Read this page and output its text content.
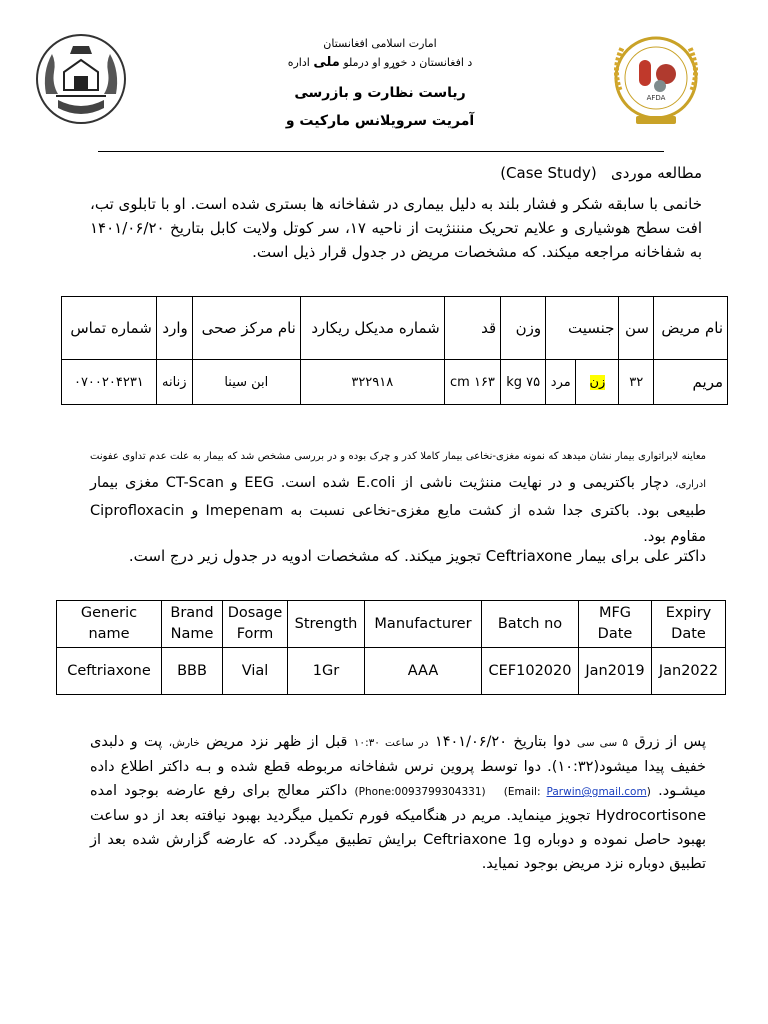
AFDA
امارت اسلامی افغانستان
د افغانستان د خوړو او درملو ملی اداره
ریاست نظارت و بازرسی
آمریت سرویلانس مارکیت و
مطالعه موردی   (Case Study)
خانمی با سابقه شکر و فشار بلند به دلیل بیماری در شفاخانه ها بستری شده است. او با تابلوی تب، افت سطح هوشیاری و علایم تحریک منننژیت از ناحیه ۱۷، سر کوتل ولایت کابل بتاریخ ۱۴۰۱/۰۶/۲۰ به شفاخانه مراجعه میکند. که مشخصات مریض در جدول قرار ذیل است.
نام مریض	سن	جنسیت		وزن	قد	شماره مدیکل ریکارد	نام مرکز صحی	وارد	شماره تماس
مریم	۳۲	زن	مرد	۷۵ kg	۱۶۳ cm	۳۲۲۹۱۸	ابن سینا	زنانه	۰۷۰۰۲۰۴۲۳۱
معاینه لابراتواری بیمار نشان میدهد که نمونه مغزی-نخاعی بیمار کاملا کدر و چرک بوده و در بررسی مشخص شد که بیمار به علت عدم تداوی عفونت ادراری، دچار باکتریمی و در نهایت مننژیت ناشی از E.coli شده است. EEG و CT-Scan مغزی بیمار طبیعی بود. باکتری جدا شده از کشت مایع مغزی-نخاعی نسبت به Imepenam و Ciprofloxacin مقاوم بود.
داکتر علی برای بیمار Ceftriaxone تجویز میکند. که مشخصات ادویه در جدول زیر درج است.
Generic name	Brand Name	Dosage Form	Strength	Manufacturer	Batch no	MFG Date	Expiry Date
Ceftriaxone	BBB	Vial	1Gr	AAA	CEF102020	Jan2019	Jan2022
پس از زرق ۵ سی سی دوا بتاریخ ۱۴۰۱/۰۶/۲۰ در ساعت ۱۰:۳۰ قبل از ظهر نزد مریض خارش، پت و دلبدی خفیف پیدا میشود(۱۰:۳۲). دوا توسط پروین نرس شفاخانه مربوطه قطع شده و بـه داکتر اطلاع داده میشـود. (Phone:0093799304331) (Email: Parwin@gmail.com) داکتر معالج برای رفع عارضه بوجود امده Hydrocortisone تجویز مینماید. مریم در هنگامیکه فورم تکمیل میگردید بهبود نیافته بعد از دو ساعت بهبود حاصل نموده و دوباره Ceftriaxone 1g برایش تطبیق میگردد. که عارضه گزارش شده بعد از تطبیق دوباره نزد مریض بوجود نمیاید.
